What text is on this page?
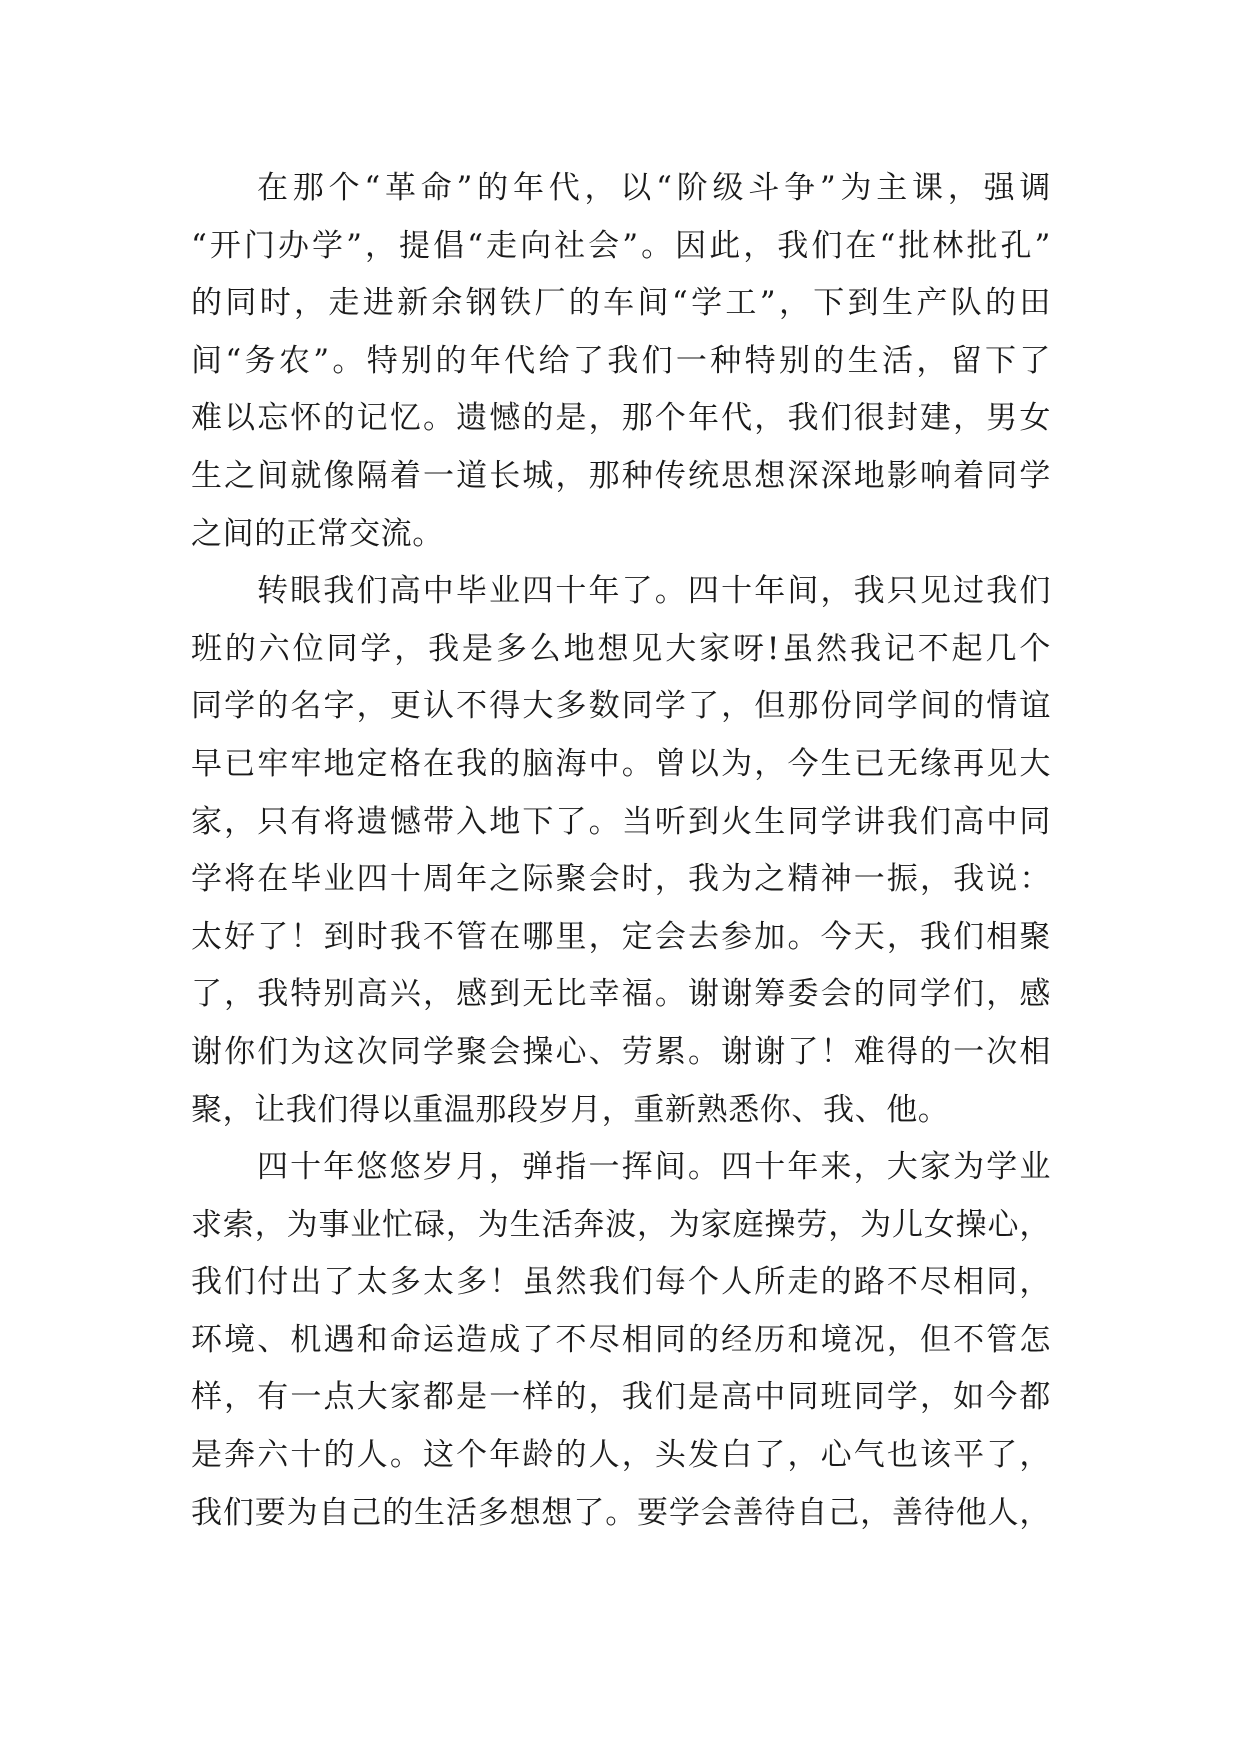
在那个“革命”的年代，以“阶级斗争”为主课，强调
“开门办学”，提倡“走向社会”。因此，我们在“批林批孔”
的同时，走进新余钢铁厂的车间“学工”，下到生产队的田
间“务农”。特别的年代给了我们一种特别的生活，留下了
难以忘怀的记忆。遗憾的是，那个年代，我们很封建，男女
生之间就像隔着一道长城，那种传统思想深深地影响着同学
之间的正常交流。
转眼我们高中毕业四十年了。四十年间，我只见过我们
班的六位同学，我是多么地想见大家呀!虽然我记不起几个
同学的名字，更认不得大多数同学了，但那份同学间的情谊
早已牢牢地定格在我的脑海中。曾以为，今生已无缘再见大
家，只有将遗憾带入地下了。当听到火生同学讲我们高中同
学将在毕业四十周年之际聚会时，我为之精神一振，我说：
太好了！到时我不管在哪里，定会去参加。今天，我们相聚
了，我特别高兴，感到无比幸福。谢谢筹委会的同学们，感
谢你们为这次同学聚会操心、劳累。谢谢了！难得的一次相
聚，让我们得以重温那段岁月，重新熟悉你、我、他。
四十年悠悠岁月，弹指一挥间。四十年来，大家为学业
求索，为事业忙碌，为生活奔波，为家庭操劳，为儿女操心，
我们付出了太多太多！虽然我们每个人所走的路不尽相同，
环境、机遇和命运造成了不尽相同的经历和境况，但不管怎
样，有一点大家都是一样的，我们是高中同班同学，如今都
是奔六十的人。这个年龄的人，头发白了，心气也该平了，
我们要为自己的生活多想想了。要学会善待自己，善待他人，
